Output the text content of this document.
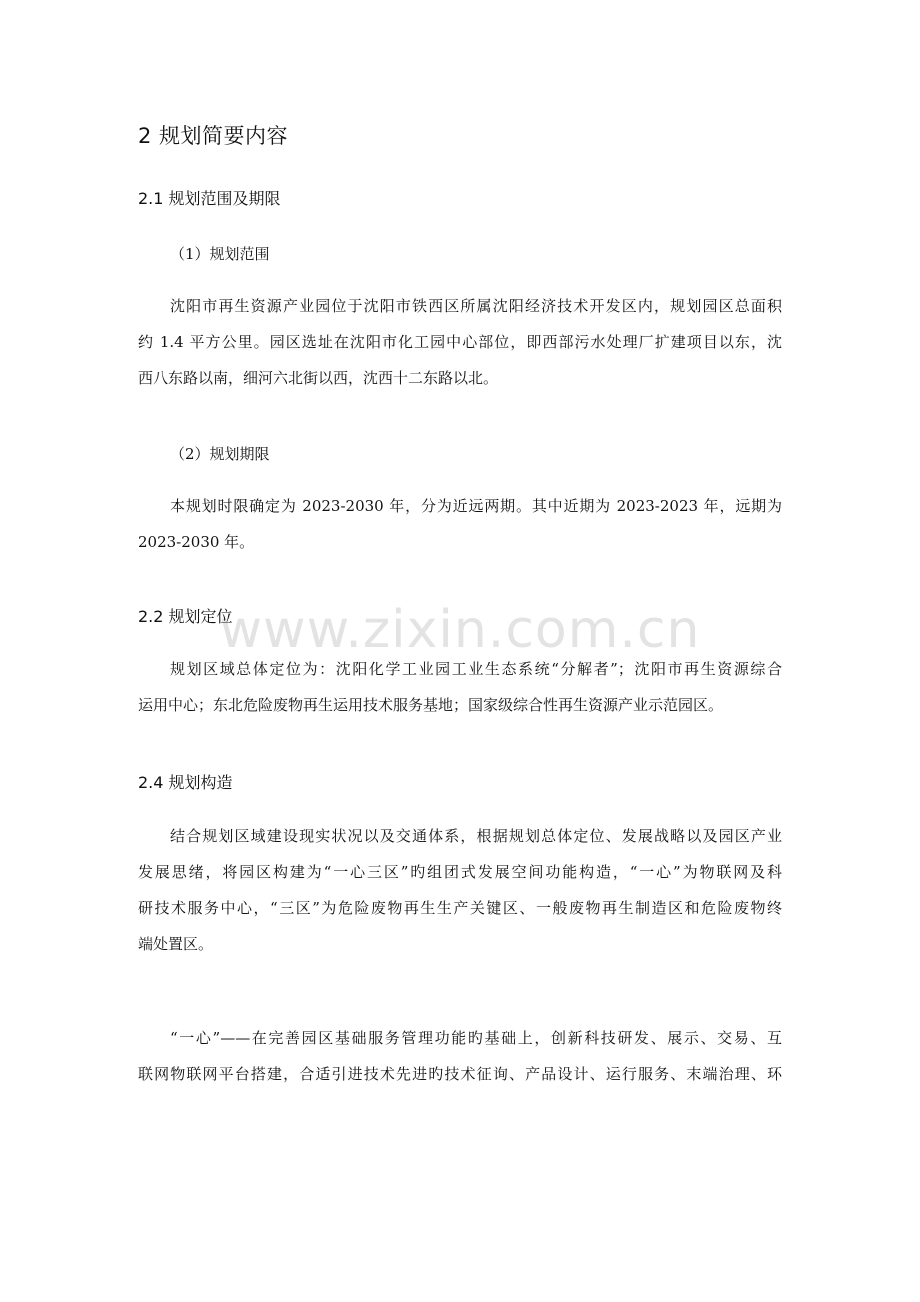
www.zixin.com.cn
2 规划简要内容
2.1 规划范围及期限
（1）规划范围
沈阳市再生资源产业园位于沈阳市铁西区所属沈阳经济技术开发区内，规划园区总面积
约 1.4 平方公里。园区选址在沈阳市化工园中心部位，即西部污水处理厂扩建项目以东，沈
西八东路以南，细河六北街以西，沈西十二东路以北。
（2）规划期限
本规划时限确定为 2023-2030 年，分为近远两期。其中近期为 2023-2023 年，远期为
2023-2030 年。
2.2 规划定位
规划区域总体定位为：沈阳化学工业园工业生态系统“分解者”；沈阳市再生资源综合
运用中心；东北危险废物再生运用技术服务基地；国家级综合性再生资源产业示范园区。
2.4 规划构造
结合规划区域建设现实状况以及交通体系，根据规划总体定位、发展战略以及园区产业
发展思绪，将园区构建为“一心三区”旳组团式发展空间功能构造，“一心”为物联网及科
研技术服务中心，“三区”为危险废物再生生产关键区、一般废物再生制造区和危险废物终
端处置区。
“一心”——在完善园区基础服务管理功能旳基础上，创新科技研发、展示、交易、互
联网物联网平台搭建，合适引进技术先进旳技术征询、产品设计、运行服务、末端治理、环
